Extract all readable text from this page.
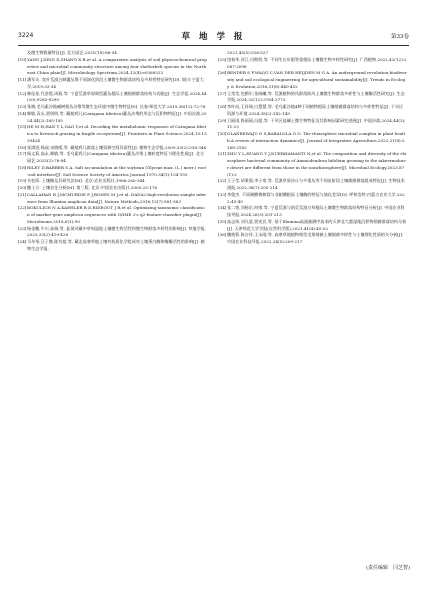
3224	草 地 学 报	第33卷

及微生物数量特征[J]. 北方园艺,2021(18):88-94

[10]YANG J,DING D,ZHANG X R,et al. A comparative analysis of soil physicochemical properties and microbial community structure among four shelterbelt species in the Northeast China plain[J]. Microbiology Spectrum,2024,12(4):e0368323

[11]潘军关. 宽叶荒漠白刺灌丛堆不同演化阶段土壤微生物群落结构及多样性特征研究[D]. 银川:宁夏大学,2019:33-34

[12]韩佳星,代金霞,周燕,等. 宁夏荒漠草原典型灌丛根际土壤细菌群落结构与功能[J]. 生态学报,2024,44(20):9285-9299

[13]张梅,毛乌素沙地臧树根丛沙堆等微生态环境中微生物特征[D]. 长春:师范大学,2019,38(12):72-78

[14]韩敏,袁永,贾明明,等. 藏棱鸡儿(Caragana tibetica)灌丛沙堆的形态与沉积物特征[J]. 中国沙漠,2024,44(2):185-195

[15]HE M H,HAN Y L,GAO Y,et al. Decoding the metabolomic responses of Caragana tibetica to livestock grazing in fragile ecosystems[J]. Frontiers in Plant Science,2024,15:1339424

[16]张谭进,杨昶,宋晓晴,等. 藏棱鸡儿群落土壤资源空间异质性[J]. 植物生态学报,2009,33(2):338-346

[17]杨文菊,高永,韩敏,等. 毛乌素鸡儿(Caragana tibetica)灌丛沙堆土壤粒度特征与理化性质[J]. 北方园艺,2025(2):76-84

[18]RILEY D,BARBER S A. Salt accumulation at the soybean (Glycine max. (L.) merr.) root-soil interface[J]. Soil Science Society of America Journal,1970,34(1):154-155

[19]关松荫. 土壤酶及其研究法[M]. 北京:农业出版社,1986:260-344

[20]鲍士旦. 土壤农化分析[M]. 第三版. 北京:中国农业出版社,2000:25-176

[21]CALLAHAN B J,MCMURDIE P J,ROSEN M J,et al. DADA2:high-resolution sample inference from Illumina amplicon data[J]. Nature Methods,2016,13(7):581-583

[22]BOKULICH N A,KAEHLER B D,RIDEOUT J R,et al. Optimizing taxonomic classification of marker-gene amplicon sequences with QIIME 2's q2-feature-classifier plugin[J]. Microbiome,2018,6(1):90

[23]杨金鹏,牛川,孙瑞,等. 盐氧对藏中草甸湿地土壤微生物活性和微生物群落多样性的影响[J]. 草地学报,2025,33(2):419-428

[24]马冬琴,汪子微,陈有超,等. 藏北高寒草地土壤有机质化学组成对土壤蛋白酶和酶酶活性的影响[J]. 植物生态学报,

2021,45(5):516-527

[25]饶春华,苏江,付攸明,等. 不同生长年限等重根际土壤微生物多样性研究[J]. 广西植物,2022,42(12):2087-2098

[26]BENDER S F,WAGG C,VAN DER HEIJDEN M G A. An underground revolution:biodiversity and soil ecological engineering for agricultural sustainability[J]. Trends in Ecology & Evolution,2016,31(6):440-452

[27]王常莹,包额尔,张晓曦,等. 荒漠植物防风群落防风土壤微生物群落多样性与土壤酶活性研究[J]. 生态学报,2024,32(12):3764-3773

[28]李叶向,王祥瑞,白慧慧,等. 毛乌素沙地4种不同植物根际土壤细菌群落结构与多样性特征[J]. 干旱区资源与环境,2024,38(2):142-149

[29]卫丽雨,陈丽丽,冯超,等. 干旱区盐碱土微生物特征及其影响因素研究进展[J]. 中国沙漠,2024,44(3):11-23

[30]OLANREWAJU O S,BABALOLA O O. The rhizosphere microbial complex in plant health:A review of interaction dynamics[J]. Journal of Integrative Agriculture,2022,21(8):2168-2182

[31]ZHU Y L,HUANG Y J,NUERHAMANTI N,et al. The composition and diversity of the rhizosphere bacterial community of Ammodendron bifolium growing in the takeermohuer desert are different from those in the nonrhizosphere[J]. Microbial Ecology,2023,87(1):2

[32]王子莹,胡秉强,李子豪,等. 荒漠草原沙丘与多重丛等不同灰阶段土壤细菌群落组成特征[J]. 生物技术通报,2022,38(7):205-214

[33]李俊杰. 不同耐酸梅树栽与非耐酸根际土壤酶的特征与演化差异[D]. 呼和浩特:内蒙古农业大学,2022:45-49

[34]张二豪,刘杨宗,何帅,等. 宁夏荒漠与防荒荒漠白草根际土壤微生物群落结构特征分析[J]. 中国农业科技导报,2024,26(3):201-213

[35]高志伟,刘凡晨,贾宪民,等. 基于Illumina高通量测序技术的天津北大港湿地沉积物细菌群落结构分析[J]. 天津师范大学学报(自然科学版),2021,41(4):45-52

[36]魏艳莉,陈吉祥,王永刚,等. 高寒草地植物典型毛果细菌土壤细菌多样性与土壤理化性质相关分析[J]. 中国农业科技导报,2022,24(5):209-217

(责任编辑　闫芝智)
